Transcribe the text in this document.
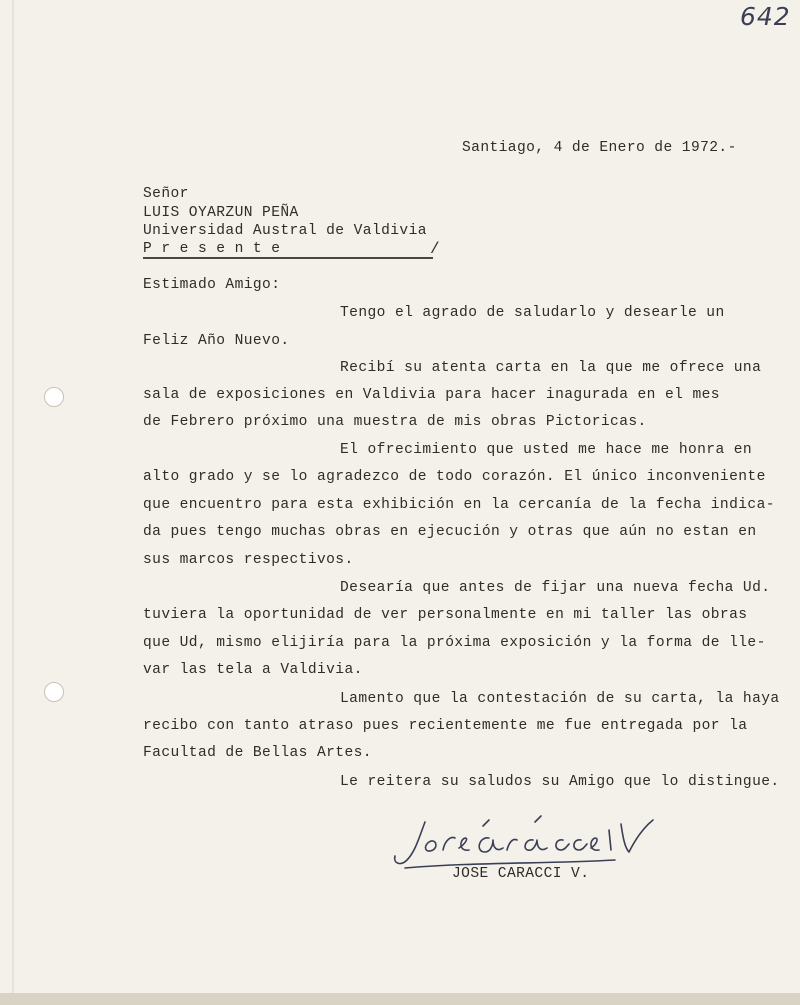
642
Santiago, 4 de Enero de 1972.-
Señor
LUIS OYARZUN PEÑA
Universidad Austral de Valdivia
P r e s e n t e	/
Estimado Amigo:
Tengo el agrado de saludarlo y desearle un
Feliz Año Nuevo.
Recibí su atenta carta en la que me ofrece una
sala de exposiciones en Valdivia para hacer inagurada en el mes
de Febrero próximo una muestra de mis obras Pictoricas.
El ofrecimiento que usted me hace me honra en
alto grado y se lo agradezco de todo corazón. El único inconveniente
que encuentro para esta exhibición en la cercanía de la fecha indica-
da pues tengo muchas obras en ejecución y otras que aún no estan en
sus marcos respectivos.
Desearía que antes de fijar una nueva fecha Ud.
tuviera la oportunidad de ver personalmente en mi taller las obras
que Ud, mismo elijiría para la próxima exposición y la forma de lle-
var las tela a Valdivia.
Lamento que la contestación de su carta, la haya
recibo con tanto atraso pues recientemente me fue entregada por la
Facultad de Bellas Artes.
Le reitera su saludos su Amigo que lo distingue.
JOSE CARACCI V.
